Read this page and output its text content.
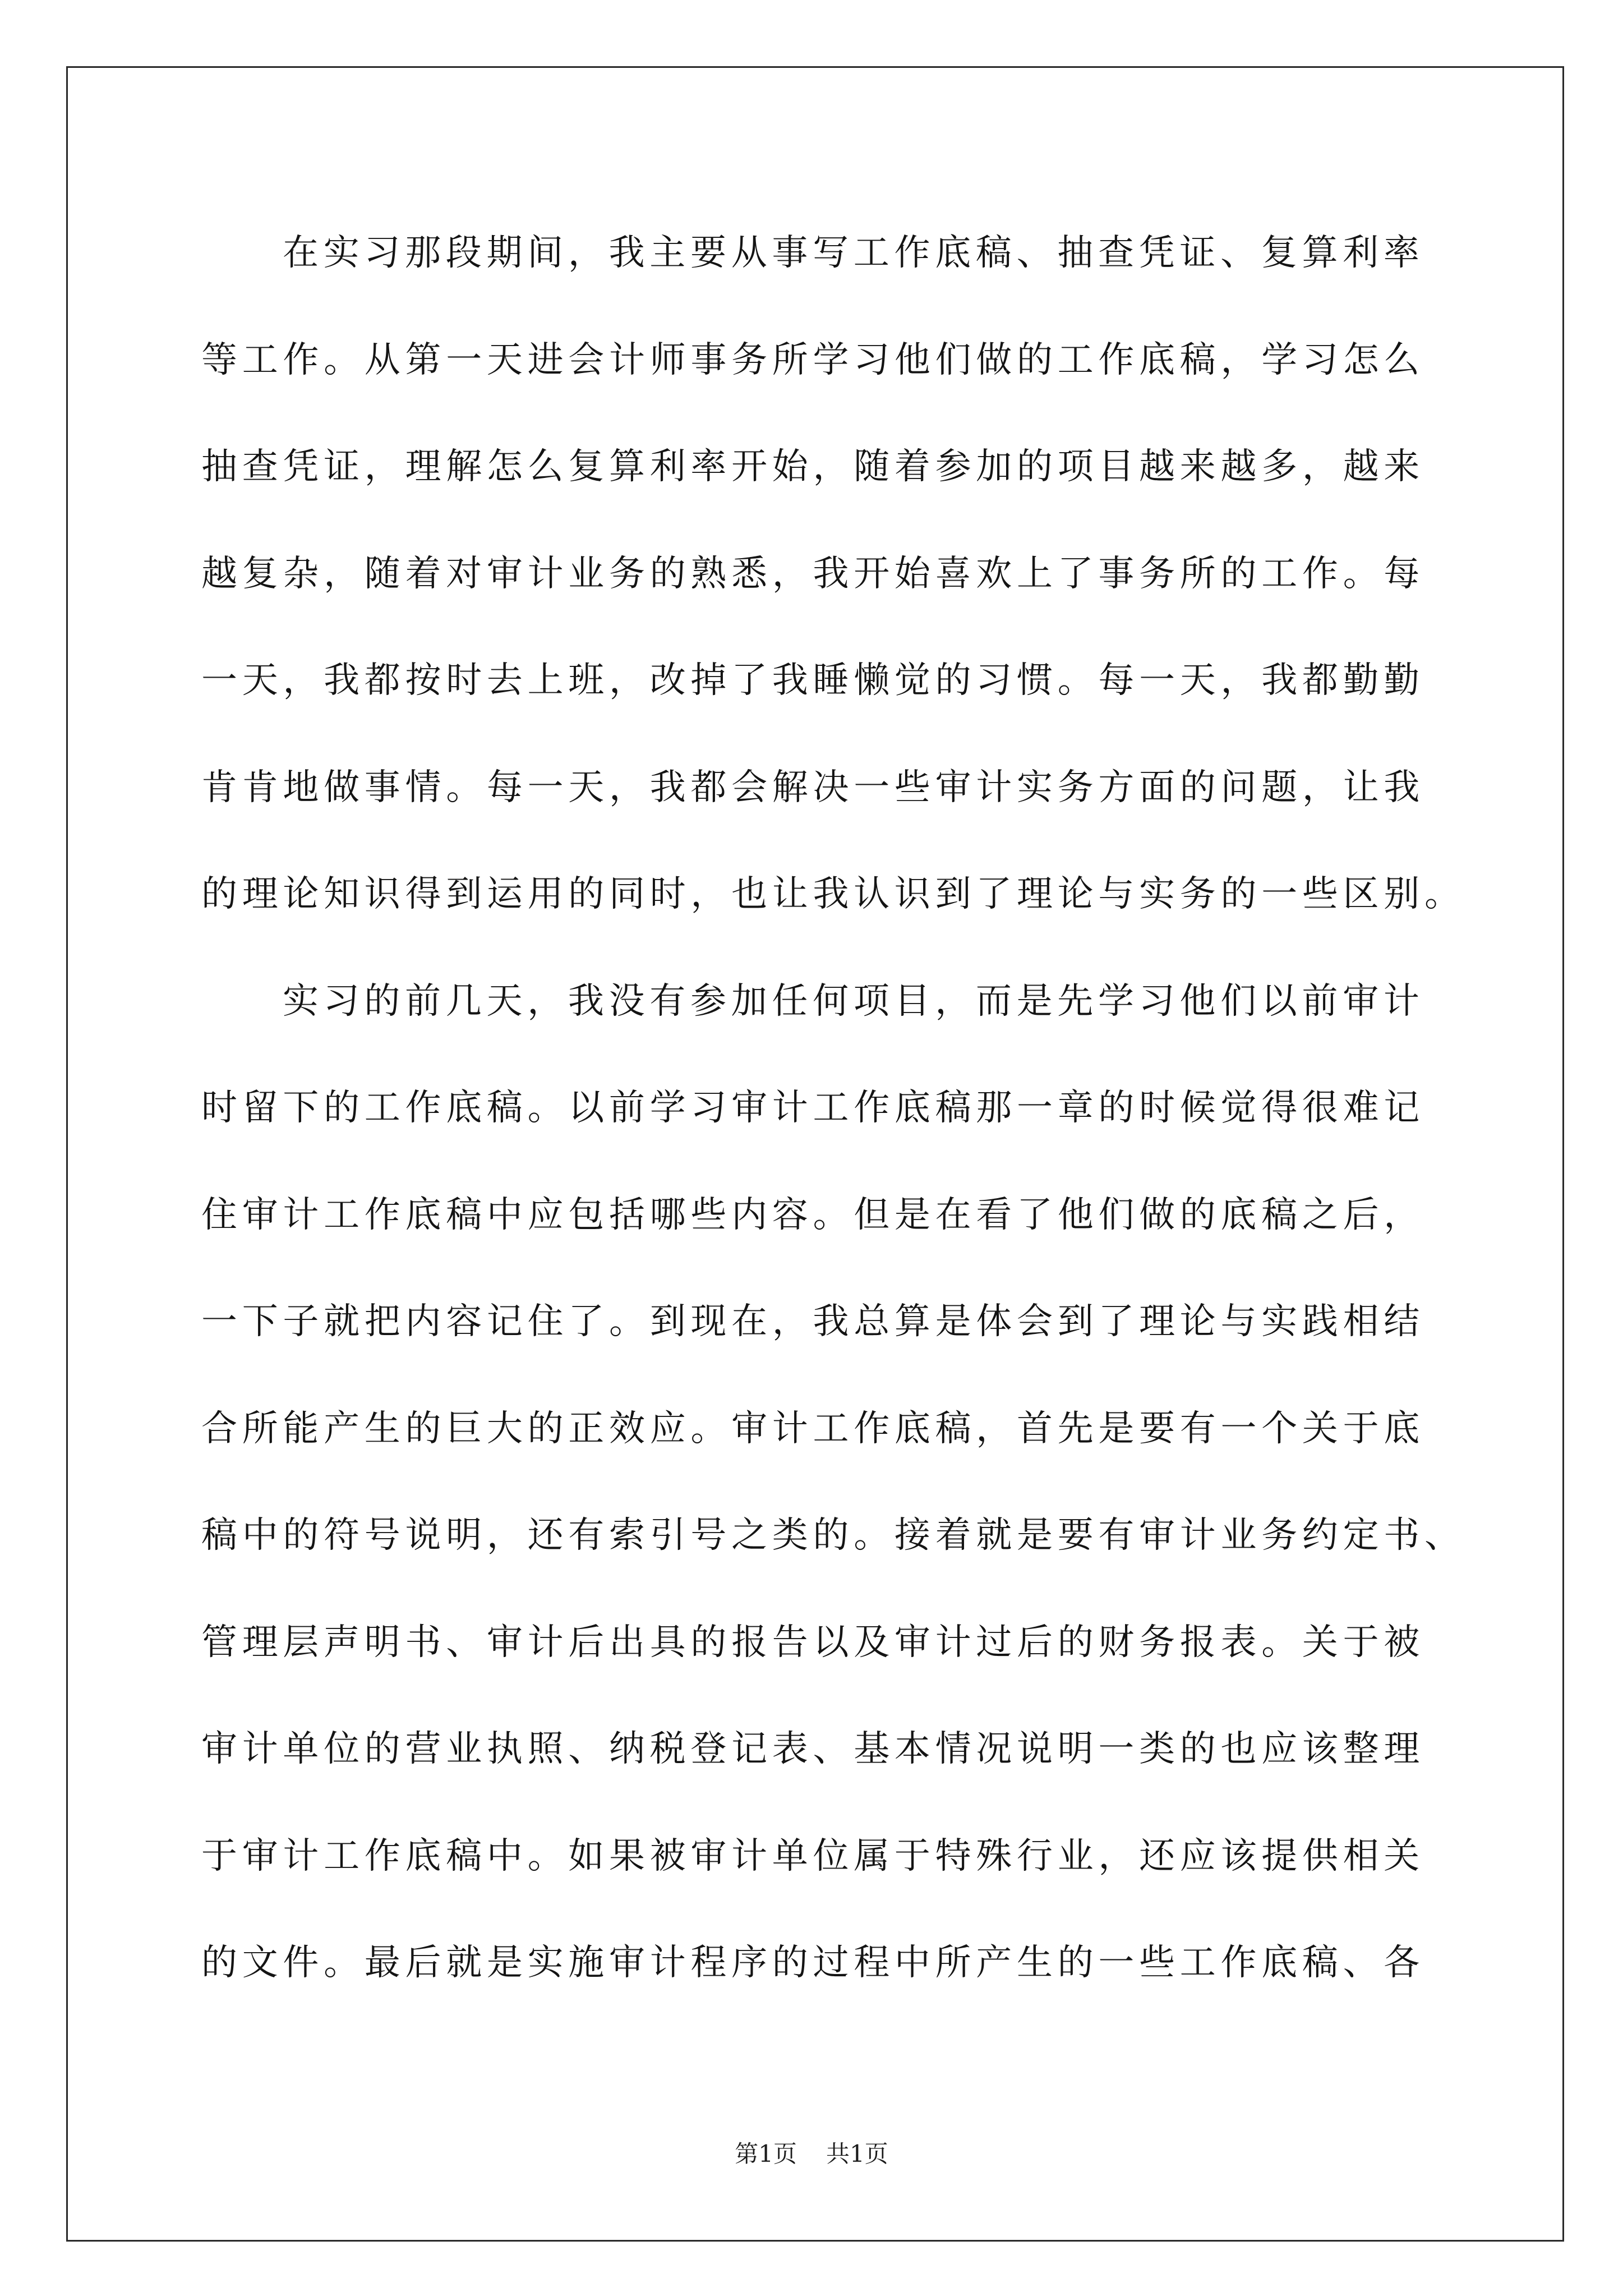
在实习那段期间，我主要从事写工作底稿、抽查凭证、复算利率
等工作。从第一天进会计师事务所学习他们做的工作底稿，学习怎么
抽查凭证，理解怎么复算利率开始，随着参加的项目越来越多，越来
越复杂，随着对审计业务的熟悉，我开始喜欢上了事务所的工作。每
一天，我都按时去上班，改掉了我睡懒觉的习惯。每一天，我都勤勤
肯肯地做事情。每一天，我都会解决一些审计实务方面的问题，让我
的理论知识得到运用的同时，也让我认识到了理论与实务的一些区别。
实习的前几天，我没有参加任何项目，而是先学习他们以前审计
时留下的工作底稿。以前学习审计工作底稿那一章的时候觉得很难记
住审计工作底稿中应包括哪些内容。但是在看了他们做的底稿之后，
一下子就把内容记住了。到现在，我总算是体会到了理论与实践相结
合所能产生的巨大的正效应。审计工作底稿，首先是要有一个关于底
稿中的符号说明，还有索引号之类的。接着就是要有审计业务约定书、
管理层声明书、审计后出具的报告以及审计过后的财务报表。关于被
审计单位的营业执照、纳税登记表、基本情况说明一类的也应该整理
于审计工作底稿中。如果被审计单位属于特殊行业，还应该提供相关
的文件。最后就是实施审计程序的过程中所产生的一些工作底稿、各
第1页 共1页
